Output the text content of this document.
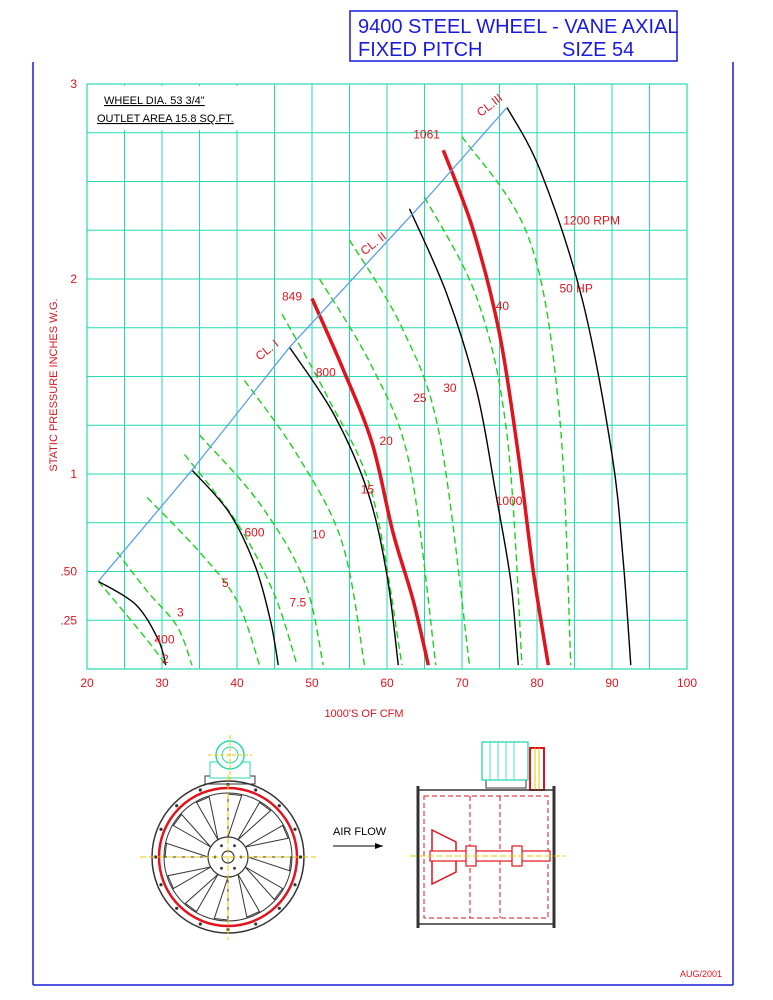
9400 STEEL WHEEL - VANE AXIAL
FIXED PITCH	SIZE 54
WHEEL DIA. 53 3/4"
OUTLET AREA 15.8 SQ.FT.
CL. I
CL. II
CL.III
20	30	40	50	60	70	80	90	100
.25
.50
1
2
3
2
3
5
7.5
10
15
20
25
30
40
50 HP
400
600
800
849
1000
1061
1200 RPM
STATIC PRESSURE INCHES W.G.
1000'S OF CFM
AIR FLOW
AUG/2001
